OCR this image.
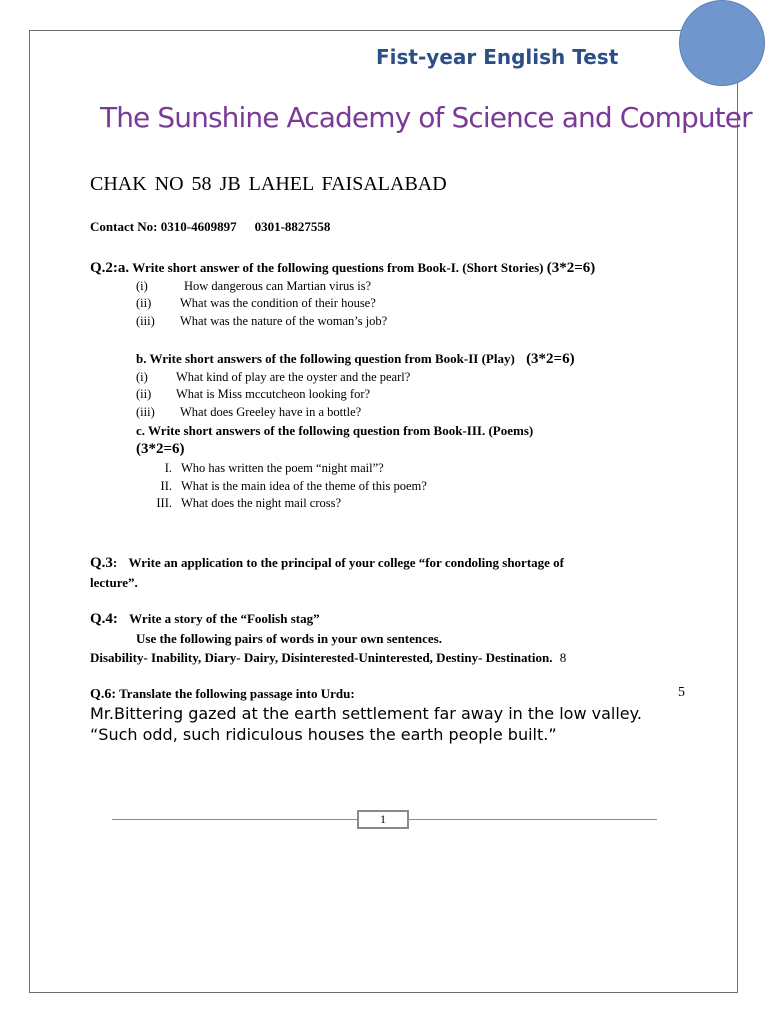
Fist-year English Test
The Sunshine Academy of Science and Computer
CHAK NO 58 JB LAHEL FAISALABAD
Contact No: 0310-4609897 0301-8827558
Q.2:a. Write short answer of the following questions from Book-I. (Short Stories) (3*2=6)
(i)	How dangerous can Martian virus is?
(ii) What was the condition of their house?
(iii) What was the nature of the woman’s job?
b. Write short answers of the following question from Book-II (Play) (3*2=6)
(i) What kind of play are the oyster and the pearl?
(ii) What is Miss mccutcheon looking for?
(iii) What does Greeley have in a bottle?
c. Write short answers of the following question from Book-III. (Poems)
(3*2=6)
I. Who has written the poem “night mail”?
II. What is the main idea of the theme of this poem?
III. What does the night mail cross?
Q.3: Write an application to the principal of your college “for condoling shortage of
lecture”.
Q.4: Write a story of the “Foolish stag”
Use the following pairs of words in your own sentences.
Disability- Inability, Diary- Dairy, Disinterested-Uninterested, Destiny- Destination. 8
Q.6: Translate the following passage into Urdu:	5
Mr.Bittering gazed at the earth settlement far away in the low valley. “Such odd, such ridiculous houses the earth people built.”
1
